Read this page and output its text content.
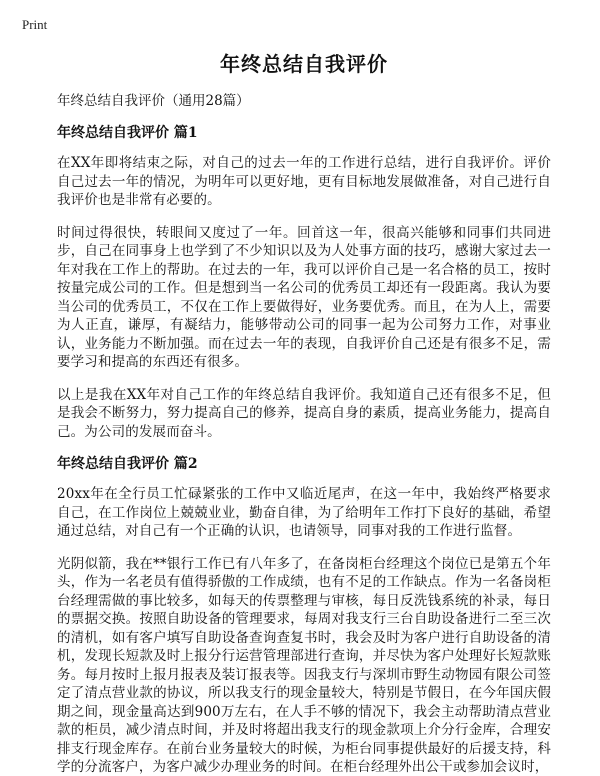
Print
年终总结自我评价
年终总结自我评价（通用28篇）
年终总结自我评价 篇1

在XX年即将结束之际，对自己的过去一年的工作进行总结，进行自我评价。评价自己过去一年的情况，为明年可以更好地，更有目标地发展做准备，对自己进行自我评价也是非常有必要的。

时间过得很快，转眼间又度过了一年。回首这一年，很高兴能够和同事们共同进步，自己在同事身上也学到了不少知识以及为人处事方面的技巧，感谢大家过去一年对我在工作上的帮助。在过去的一年，我可以评价自己是一名合格的员工，按时按量完成公司的工作。但是想到当一名公司的优秀员工却还有一段距离。我认为要当公司的优秀员工，不仅在工作上要做得好，业务要优秀。而且，在为人上，需要为人正直，谦厚，有凝结力，能够带动公司的同事一起为公司努力工作，对事业认，业务能力不断加强。而在过去一年的表现，自我评价自己还是有很多不足，需要学习和提高的东西还有很多。

以上是我在XX年对自己工作的年终总结自我评价。我知道自己还有很多不足，但是我会不断努力，努力提高自己的修养，提高自身的素质，提高业务能力，提高自己。为公司的发展而奋斗。

年终总结自我评价 篇2

20xx年在全行员工忙碌紧张的工作中又临近尾声，在这一年中，我始终严格要求自己，在工作岗位上兢兢业业，勤奋自律，为了给明年工作打下良好的基础，希望通过总结，对自己有一个正确的认识，也请领导，同事对我的工作进行监督。

光阴似箭，我在**银行工作已有八年多了，在备岗柜台经理这个岗位已是第五个年头，作为一名老员有值得骄傲的工作成绩，也有不足的工作缺点。作为一名备岗柜台经理需做的事比较多，如每天的传票整理与审核，每日反洗钱系统的补录，每日的票据交换。按照自助设备的管理要求，每周对我支行三台自助设备进行二至三次的清机，如有客户填写自助设备查询查复书时，我会及时为客户进行自助设备的清机，发现长短款及时上报分行运营管理部进行查询，并尽快为客户处理好长短款账务。每月按时上报月报表及装订报表等。因我支行与深圳市野生动物园有限公司签定了清点营业款的协议，所以我支行的现金量较大，特别是节假日，在今年国庆假期之间，现金量高达到900万左右，在人手不够的情况下，我会主动帮助清点营业款的柜员，减少清点时间，并及时将超出我支行的现金款项上介分行金库，合理安排支行现金库存。在前台业务量较大的时候，为柜台同事提供最好的后援支持，科学的分流客户，为客户减少办理业务的时间。在柜台经理外出公干或参加会议时，
